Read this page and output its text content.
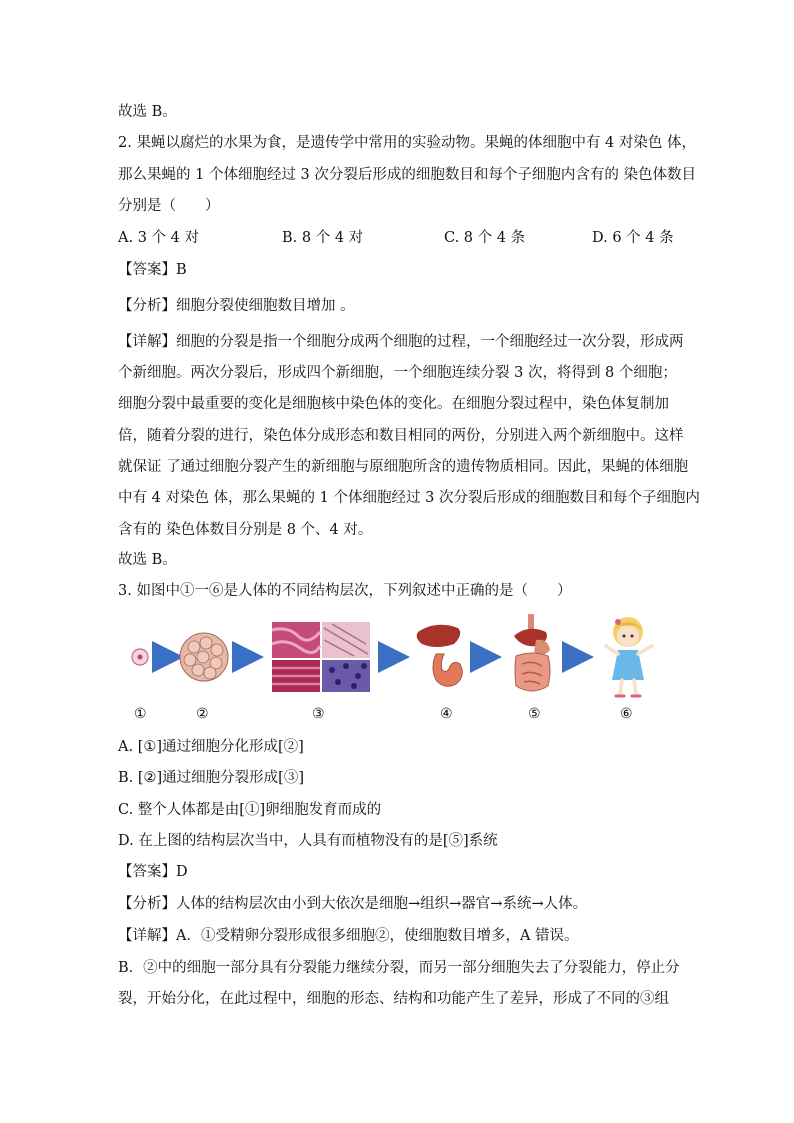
故选 B。
2. 果蝇以腐烂的水果为食，是遗传学中常用的实验动物。果蝇的体细胞中有 4 对染色 体，
那么果蝇的 1 个体细胞经过 3 次分裂后形成的细胞数目和每个子细胞内含有的 染色体数目
分别是（　　）
A. 3 个 4 对	B. 8 个 4 对	C. 8 个 4 条	D. 6 个 4 条
【答案】B
【分析】细胞分裂使细胞数目增加 。
【详解】细胞的分裂是指一个细胞分成两个细胞的过程，一个细胞经过一次分裂，形成两
个新细胞。两次分裂后，形成四个新细胞，一个细胞连续分裂 3 次，将得到 8 个细胞；
细胞分裂中最重要的变化是细胞核中染色体的变化。在细胞分裂过程中，染色体复制加
倍，随着分裂的进行，染色体分成形态和数目相同的两份，分别进入两个新细胞中。这样
就保证 了通过细胞分裂产生的新细胞与原细胞所含的遗传物质相同。因此，果蝇的体细胞
中有 4 对染色 体，那么果蝇的 1 个体细胞经过 3 次分裂后形成的细胞数目和每个子细胞内
含有的 染色体数目分别是 8 个、4 对。
故选 B。
3. 如图中①一⑥是人体的不同结构层次，下列叙述中正确的是（　　）
①	②	③	④	⑤	⑥
A. [①]通过细胞分化形成[②]
B. [②]通过细胞分裂形成[③]
C. 整个人体都是由[①]卵细胞发育而成的
D. 在上图的结构层次当中，人具有而植物没有的是[⑤]系统
【答案】D
【分析】人体的结构层次由小到大依次是细胞→组织→器官→系统→人体。
【详解】A．①受精卵分裂形成很多细胞②，使细胞数目增多，A 错误。
B．②中的细胞一部分具有分裂能力继续分裂，而另一部分细胞失去了分裂能力，停止分
裂，开始分化，在此过程中，细胞的形态、结构和功能产生了差异，形成了不同的③组
